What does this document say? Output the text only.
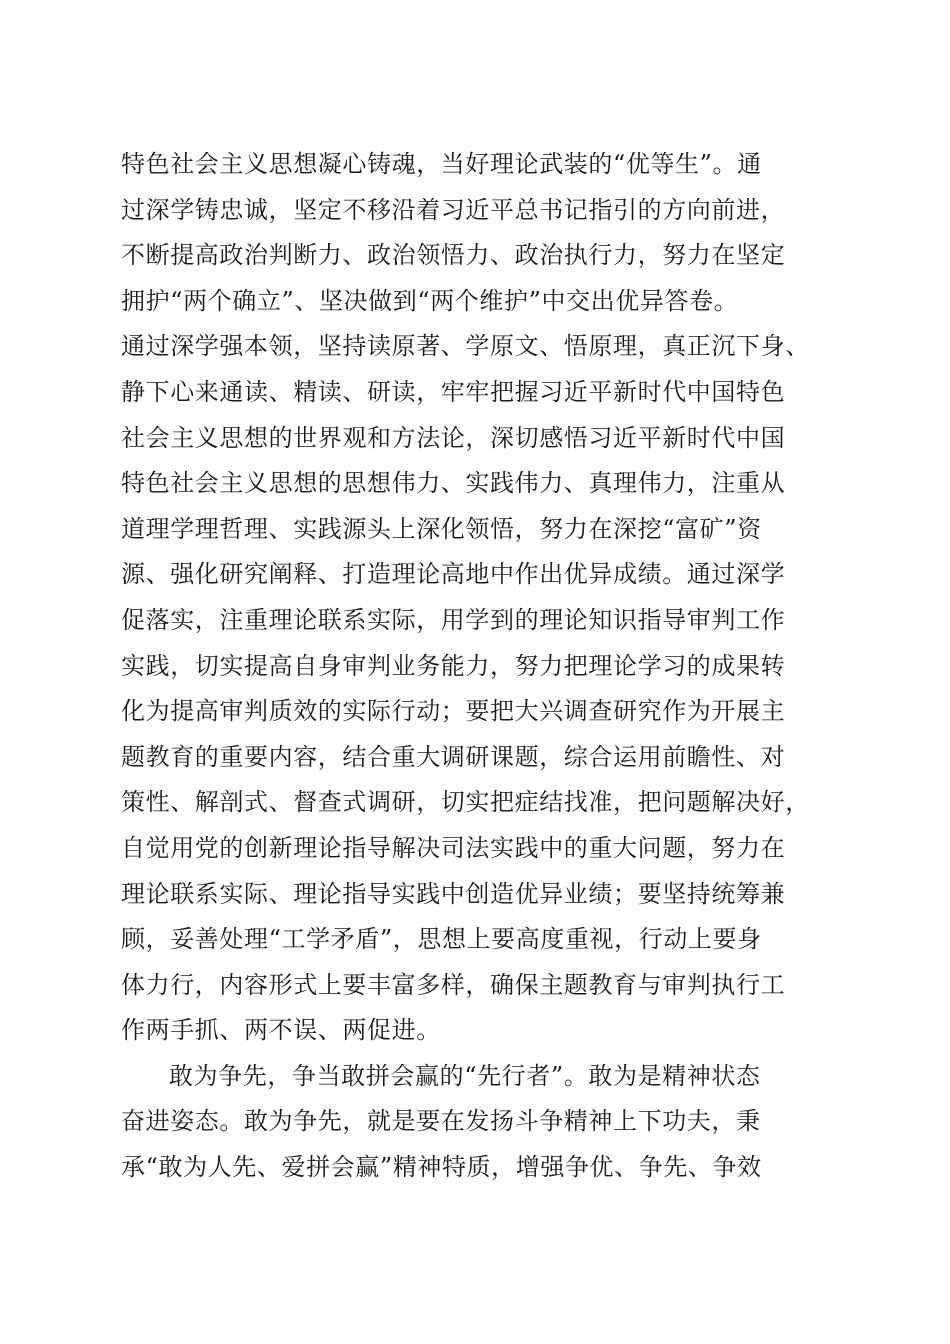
特色社会主义思想凝心铸魂，当好理论武装的“优等生”。通
过深学铸忠诚，坚定不移沿着习近平总书记指引的方向前进，
不断提高政治判断力、政治领悟力、政治执行力，努力在坚定
拥护“两个确立”、坚决做到“两个维护”中交出优异答卷。
通过深学强本领，坚持读原著、学原文、悟原理，真正沉下身、
静下心来通读、精读、研读，牢牢把握习近平新时代中国特色
社会主义思想的世界观和方法论，深切感悟习近平新时代中国
特色社会主义思想的思想伟力、实践伟力、真理伟力，注重从
道理学理哲理、实践源头上深化领悟，努力在深挖“富矿”资
源、强化研究阐释、打造理论高地中作出优异成绩。通过深学
促落实，注重理论联系实际，用学到的理论知识指导审判工作
实践，切实提高自身审判业务能力，努力把理论学习的成果转
化为提高审判质效的实际行动；要把大兴调查研究作为开展主
题教育的重要内容，结合重大调研课题，综合运用前瞻性、对
策性、解剖式、督查式调研，切实把症结找准，把问题解决好，
自觉用党的创新理论指导解决司法实践中的重大问题，努力在
理论联系实际、理论指导实践中创造优异业绩；要坚持统筹兼
顾，妥善处理“工学矛盾”，思想上要高度重视，行动上要身
体力行，内容形式上要丰富多样，确保主题教育与审判执行工
作两手抓、两不误、两促进。
敢为争先，争当敢拼会赢的“先行者”。敢为是精神状态
奋进姿态。敢为争先，就是要在发扬斗争精神上下功夫，秉
承“敢为人先、爱拼会赢”精神特质，增强争优、争先、争效
